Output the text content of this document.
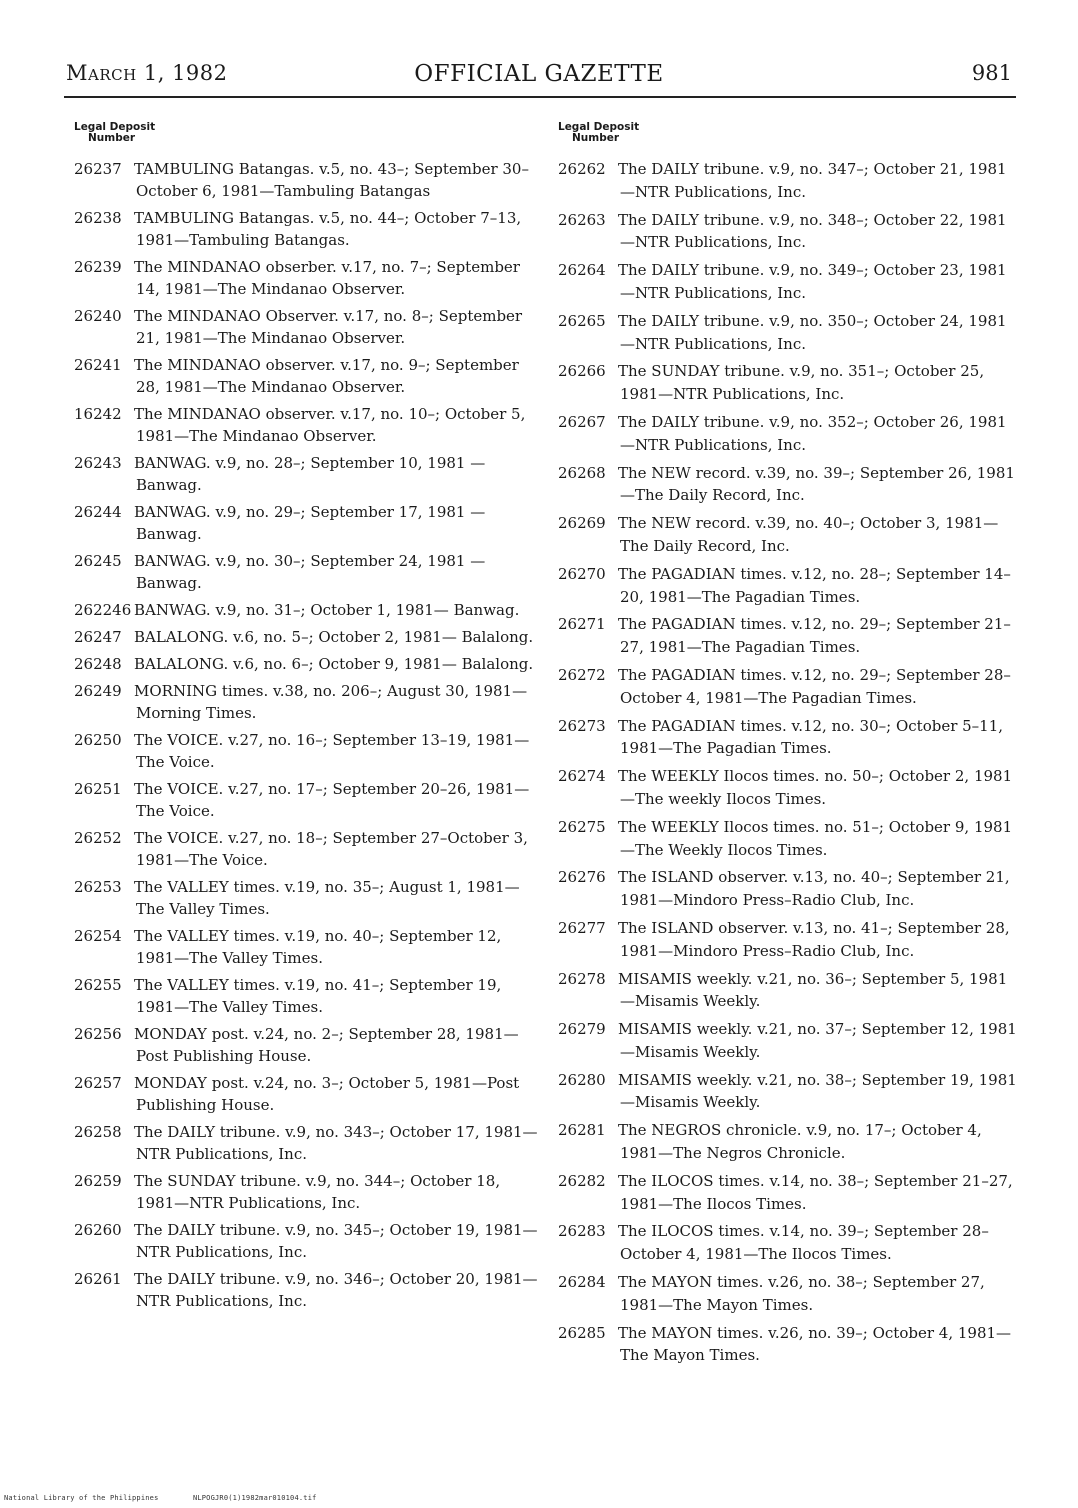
March 1, 1982	OFFICIAL GAZETTE	981
Legal Deposit
Number
26237 TAMBULING Batangas. v.5, no. 43–; September 30–October 6, 1981—Tambuling Batangas
26238 TAMBULING Batangas. v.5, no. 44–; October 7–13, 1981—Tambuling Batangas.
26239 The MINDANAO obserber. v.17, no. 7–; September 14, 1981—The Mindanao Observer.
26240 The MINDANAO Observer. v.17, no. 8–; September 21, 1981—The Mindanao Observer.
26241 The MINDANAO observer. v.17, no. 9–; September 28, 1981—The Mindanao Observer.
16242 The MINDANAO observer. v.17, no. 10–; October 5, 1981—The Mindanao Observer.
26243 BANWAG. v.9, no. 28–; September 10, 1981 —Banwag.
26244 BANWAG. v.9, no. 29–; September 17, 1981 —Banwag.
26245 BANWAG. v.9, no. 30–; September 24, 1981 —Banwag.
262246 BANWAG. v.9, no. 31–; October 1, 1981— Banwag.
26247 BALALONG. v.6, no. 5–; October 2, 1981— Balalong.
26248 BALALONG. v.6, no. 6–; October 9, 1981— Balalong.
26249 MORNING times. v.38, no. 206–; August 30, 1981—Morning Times.
26250 The VOICE. v.27, no. 16–; September 13–19, 1981—The Voice.
26251 The VOICE. v.27, no. 17–; September 20–26, 1981—The Voice.
26252 The VOICE. v.27, no. 18–; September 27–October 3, 1981—The Voice.
26253 The VALLEY times. v.19, no. 35–; August 1, 1981—The Valley Times.
26254 The VALLEY times. v.19, no. 40–; September 12, 1981—The Valley Times.
26255 The VALLEY times. v.19, no. 41–; September 19, 1981—The Valley Times.
26256 MONDAY post. v.24, no. 2–; September 28, 1981—Post Publishing House.
26257 MONDAY post. v.24, no. 3–; October 5, 1981—Post Publishing House.
26258 The DAILY tribune. v.9, no. 343–; October 17, 1981—NTR Publications, Inc.
26259 The SUNDAY tribune. v.9, no. 344–; October 18, 1981—NTR Publications, Inc.
26260 The DAILY tribune. v.9, no. 345–; October 19, 1981—NTR Publications, Inc.
26261 The DAILY tribune. v.9, no. 346–; October 20, 1981—NTR Publications, Inc.
Legal Deposit
Number
26262 The DAILY tribune. v.9, no. 347–; October 21, 1981—NTR Publications, Inc.
26263 The DAILY tribune. v.9, no. 348–; October 22, 1981—NTR Publications, Inc.
26264 The DAILY tribune. v.9, no. 349–; October 23, 1981—NTR Publications, Inc.
26265 The DAILY tribune. v.9, no. 350–; October 24, 1981—NTR Publications, Inc.
26266 The SUNDAY tribune. v.9, no. 351–; October 25, 1981—NTR Publications, Inc.
26267 The DAILY tribune. v.9, no. 352–; October 26, 1981—NTR Publications, Inc.
26268 The NEW record. v.39, no. 39–; September 26, 1981—The Daily Record, Inc.
26269 The NEW record. v.39, no. 40–; October 3, 1981—The Daily Record, Inc.
26270 The PAGADIAN times. v.12, no. 28–; September 14–20, 1981—The Pagadian Times.
26271 The PAGADIAN times. v.12, no. 29–; September 21–27, 1981—The Pagadian Times.
26272 The PAGADIAN times. v.12, no. 29–; September 28–October 4, 1981—The Pagadian Times.
26273 The PAGADIAN times. v.12, no. 30–; October 5–11, 1981—The Pagadian Times.
26274 The WEEKLY Ilocos times. no. 50–; October 2, 1981—The weekly Ilocos Times.
26275 The WEEKLY Ilocos times. no. 51–; October 9, 1981—The Weekly Ilocos Times.
26276 The ISLAND observer. v.13, no. 40–; September 21, 1981—Mindoro Press–Radio Club, Inc.
26277 The ISLAND observer. v.13, no. 41–; September 28, 1981—Mindoro Press–Radio Club, Inc.
26278 MISAMIS weekly. v.21, no. 36–; September 5, 1981—Misamis Weekly.
26279 MISAMIS weekly. v.21, no. 37–; September 12, 1981—Misamis Weekly.
26280 MISAMIS weekly. v.21, no. 38–; September 19, 1981—Misamis Weekly.
26281 The NEGROS chronicle. v.9, no. 17–; October 4, 1981—The Negros Chronicle.
26282 The ILOCOS times. v.14, no. 38–; September 21–27, 1981—The Ilocos Times.
26283 The ILOCOS times. v.14, no. 39–; September 28–October 4, 1981—The Ilocos Times.
26284 The MAYON times. v.26, no. 38–; September 27, 1981—The Mayon Times.
26285 The MAYON times. v.26, no. 39–; October 4, 1981—The Mayon Times.
National Library of the Philippines	NLPOGJR0(1)1982mar010104.tif
